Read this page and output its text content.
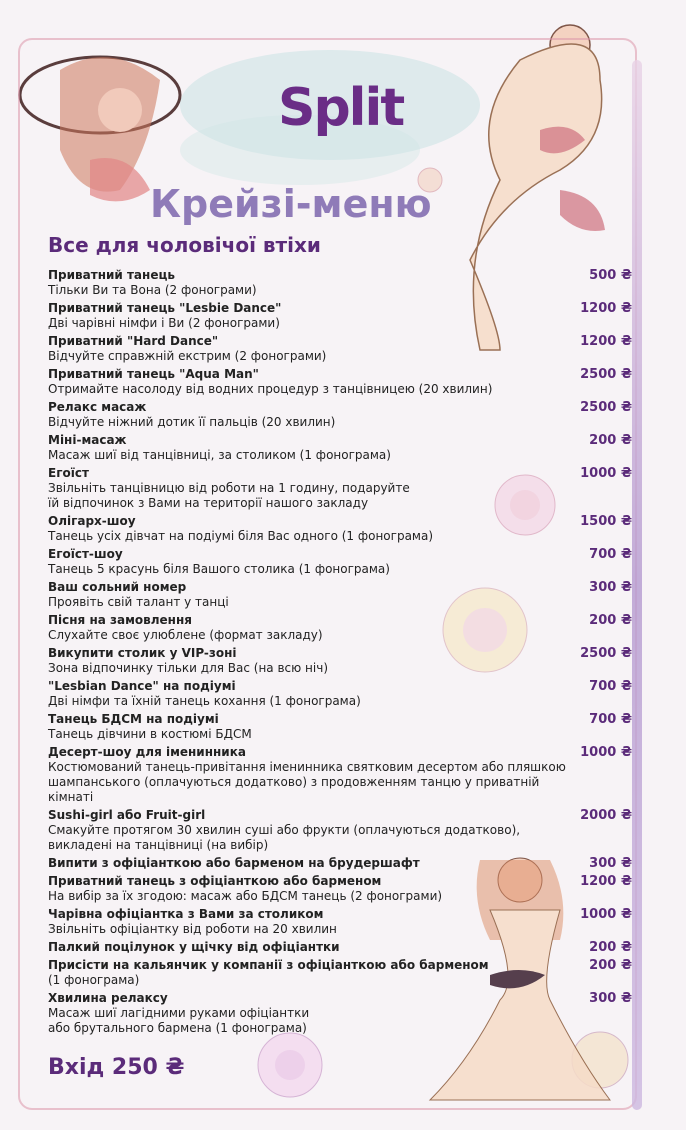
Split
Крейзі-меню
Все для чоловічої втіхи
Приватний танець
Тільки Ви та Вона (2 фонограми)
500 ₴
Приватний танець "Lesbie Dance"
Дві чарівні німфи і Ви (2 фонограми)
1200 ₴
Приватний "Hard Dance"
Відчуйте справжній екстрим (2 фонограми)
1200 ₴
Приватний танець "Aqua Man"
Отримайте насолоду від водних процедур з танцівницею (20 хвилин)
2500 ₴
Релакс масаж
Відчуйте ніжний дотик її пальців (20 хвилин)
2500 ₴
Міні-масаж
Масаж шиї від танцівниці, за столиком (1 фонограма)
200 ₴
Егоїст
Звільніть танцівницю від роботи на 1 годину, подаруйте
їй відпочинок з Вами на території нашого закладу
1000 ₴
Олігарх-шоу
Танець усіх дівчат на подіумі біля Вас одного (1 фонограма)
1500 ₴
Егоїст-шоу
Танець 5 красунь біля Вашого столика (1 фонограма)
700 ₴
Ваш сольний номер
Проявіть свій талант у танці
300 ₴
Пісня на замовлення
Слухайте своє улюблене (формат закладу)
200 ₴
Викупити столик у VIP-зоні
Зона відпочинку тільки для Вас (на всю ніч)
2500 ₴
"Lesbian Dance" на подіумі
Дві німфи та їхній танець кохання (1 фонограма)
700 ₴
Танець БДСМ на подіумі
Танець дівчини в костюмі БДСМ
700 ₴
Десерт-шоу для іменинника
Костюмований танець-привітання іменинника святковим десертом або пляшкою
шампанського (оплачуються додатково) з продовженням танцю у приватній кімнаті
1000 ₴
Sushi-girl або Fruit-girl
Смакуйте протягом 30 хвилин суші або фрукти (оплачуються додатково),
викладені на танцівниці (на вибір)
2000 ₴
Випити з офіціанткою або барменом на брудершафт	300 ₴
Приватний танець з офіціанткою або барменом
На вибір за їх згодою: масаж або БДСМ танець (2 фонограми)
1200 ₴
Чарівна офіціантка з Вами за столиком
Звільніть офіціантку від роботи на 20 хвилин
1000 ₴
Палкий поцілунок у щічку від офіціантки	200 ₴
Присісти на кальянчик у компанії з офіціанткою або барменом
(1 фонограма)
200 ₴
Хвилина релаксу
Масаж шиї лагідними руками офіціантки
або брутального бармена (1 фонограма)
300 ₴
Вхід 250 ₴
